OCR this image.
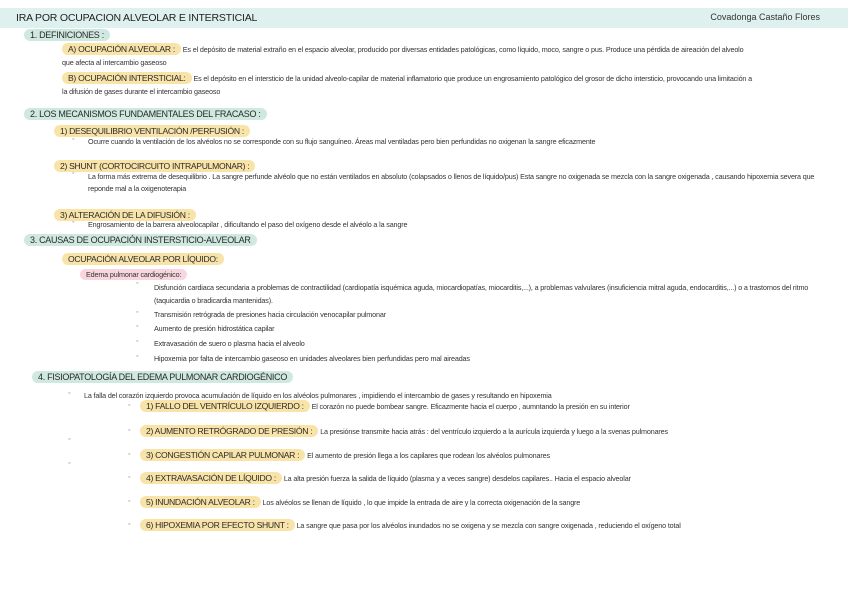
IRA POR OCUPACION ALVEOLAR E INTERSTICIAL	Covadonga Castaño Flores
1. DEFINICIONES :
A) OCUPACIÓN ALVEOLAR : Es el depósito de material extraño en el espacio alveolar, producido por diversas entidades patológicas, como líquido, moco, sangre o pus. Produce una pérdida de aireación del alveolo que afecta al intercambio gaseoso
B) OCUPACIÓN INTERSTICIAL: Es el depósito en el intersticio de la unidad alveolo-capilar de material inflamatorio que produce un engrosamiento patológico del grosor de dicho intersticio, provocando una limitación a la difusión de gases durante el intercambio gaseoso
2. LOS MECANISMOS FUNDAMENTALES DEL FRACASO :
1) DESEQUILIBRIO VENTILACIÓN /PERFUSIÓN :
◦ Ocurre cuando la ventilación de los alvéolos no se corresponde con su flujo sanguíneo. Áreas mal ventiladas pero bien perfundidas no oxigenan la sangre eficazmente
2) SHUNT (CORTOCIRCUITO INTRAPULMONAR) :
◦ La forma más extrema de desequilibrio . La sangre perfunde alvéolo que no están ventilados en absoluto (colapsados o llenos de líquido/pus) Esta sangre no oxigenada se mezcla con la sangre oxigenada , causando hipoxemia severa que reponde mal a la oxigenoterapia
3) ALTERACIÓN DE LA DIFUSIÓN :
◦ Engrosamiento de la barrera alveolocapilar , dificultando el paso del oxígeno desde el alvéolo a la sangre
3. CAUSAS DE OCUPACIÓN INSTERSTICIO-ALVEOLAR
OCUPACIÓN ALVEOLAR POR LÍQUIDO:
Edema pulmonar cardiogénico:
◦ Disfunción cardiaca secundaria a problemas de contractilidad (cardiopatía isquémica aguda, miocardiopatías, miocarditis,...), a problemas valvulares (insuficiencia mitral aguda, endocarditis,...) o a trastornos del ritmo (taquicardia o bradicardia mantenidas).
◦ Transmisión retrógrada de presiones hacia circulación venocapilar pulmonar
◦ Aumento de presión hidrostática capilar
◦ Extravasación de suero o plasma hacia el alveolo
◦ Hipoxemia por falta de intercambio gaseoso en unidades alveolares bien perfundidas pero mal aireadas
4. FISIOPATOLOGÍA DEL EDEMA PULMONAR CARDIOGÉNICO
◦ La falla del corazón izquierdo provoca acumulación de líquido en los alvéolos pulmonares , impidiendo el intercambio de gases y resultando en hipoxemia
◦
◦
◦	1) FALLO DEL VENTRÍCULO IZQUIERDO : El corazón no puede bombear sangre. Eficazmente hacia el cuerpo , aumntando la presión en su interior
◦	2) AUMENTO RETRÓGRADO DE PRESIÓN : La presiónse transmite hacia atrás : del ventrículo izquierdo a la aurícula izquierda y luego a la svenas pulmonares
◦	3) CONGESTIÓN CAPILAR PULMONAR : El aumento de presión llega a los capilares que rodean los alvéolos pulmonares
◦	4) EXTRAVASACIÓN DE LÍQUIDO : La alta presión fuerza la salida de líquido (plasma y a veces sangre) desdelos capilares.. Hacia el espacio alveolar
◦	5) INUNDACIÓN ALVEOLAR : Los alvéolos se llenan de líquido , lo que impide la entrada de aire y la correcta oxigenación de la sangre
◦	6) HIPOXEMIA POR EFECTO SHUNT : La sangre que pasa por los alvéolos inundados no se oxigena y se mezcla con sangre oxigenada , reduciendo el oxígeno total
